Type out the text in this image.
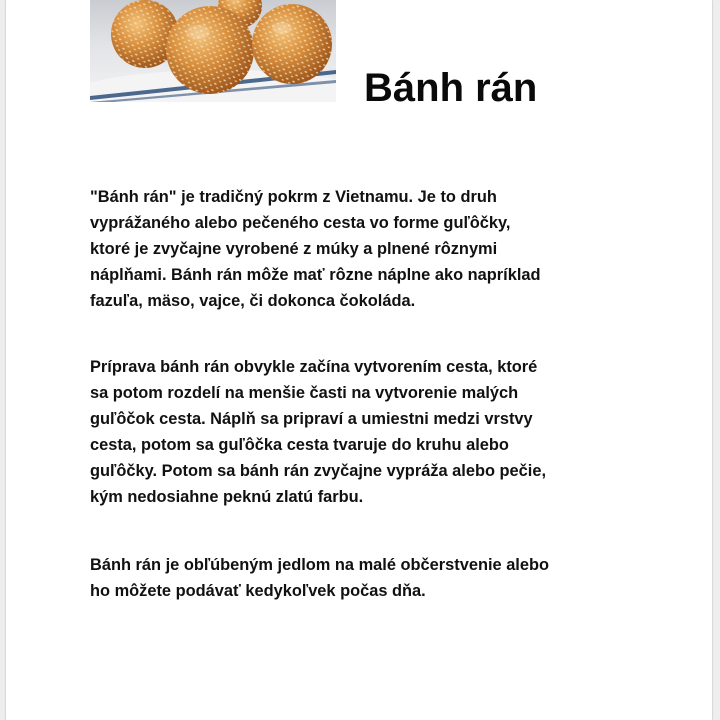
Bánh rán

"Bánh rán" je tradičný pokrm z Vietnamu. Je to druh
vyprážaného alebo pečeného cesta vo forme guľôčky,
ktoré je zvyčajne vyrobené z múky a plnené rôznymi
náplňami. Bánh rán môže mať rôzne náplne ako napríklad
fazuľa, mäso, vajce, či dokonca čokoláda.

Príprava bánh rán obvykle začína vytvorením cesta, ktoré
sa potom rozdelí na menšie časti na vytvorenie malých
guľôčok cesta. Náplň sa pripraví a umiestni medzi vrstvy
cesta, potom sa guľôčka cesta tvaruje do kruhu alebo
guľôčky. Potom sa bánh rán zvyčajne vypráža alebo pečie,
kým nedosiahne peknú zlatú farbu.

Bánh rán je obľúbeným jedlom na malé občerstvenie alebo
ho môžete podávať kedykoľvek počas dňa.
